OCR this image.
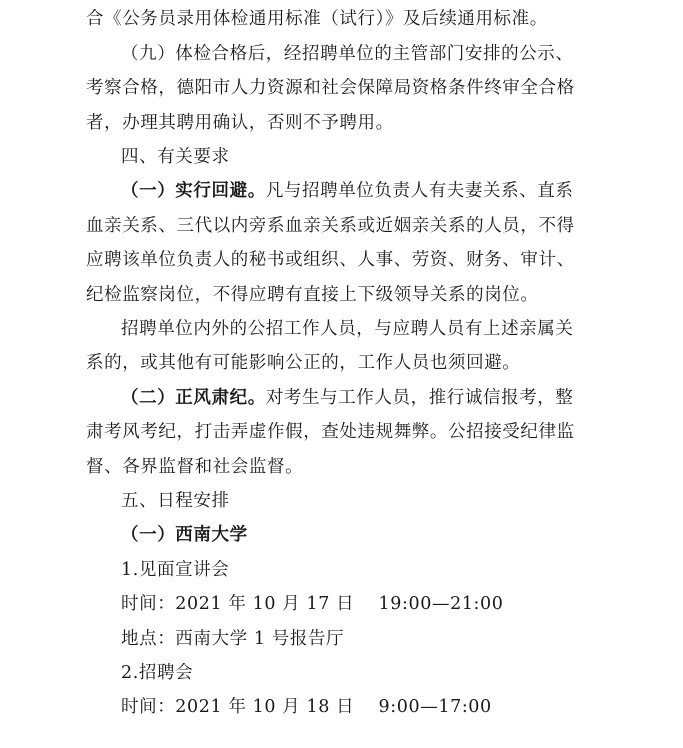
合《公务员录用体检通用标准（试行）》及后续通用标准。
（九）体检合格后，经招聘单位的主管部门安排的公示、
考察合格，德阳市人力资源和社会保障局资格条件终审全合格
者，办理其聘用确认，否则不予聘用。
四、有关要求
（一）实行回避。凡与招聘单位负责人有夫妻关系、直系
血亲关系、三代以内旁系血亲关系或近姻亲关系的人员，不得
应聘该单位负责人的秘书或组织、人事、劳资、财务、审计、
纪检监察岗位，不得应聘有直接上下级领导关系的岗位。
招聘单位内外的公招工作人员，与应聘人员有上述亲属关
系的，或其他有可能影响公正的，工作人员也须回避。
（二）正风肃纪。对考生与工作人员，推行诚信报考，整
肃考风考纪，打击弄虚作假，查处违规舞弊。公招接受纪律监
督、各界监督和社会监督。
五、日程安排
（一）西南大学
1.见面宣讲会
时间：2021 年 10 月 17 日　 19:00—21:00
地点：西南大学 1 号报告厅
2.招聘会
时间：2021 年 10 月 18 日　 9:00—17:00
